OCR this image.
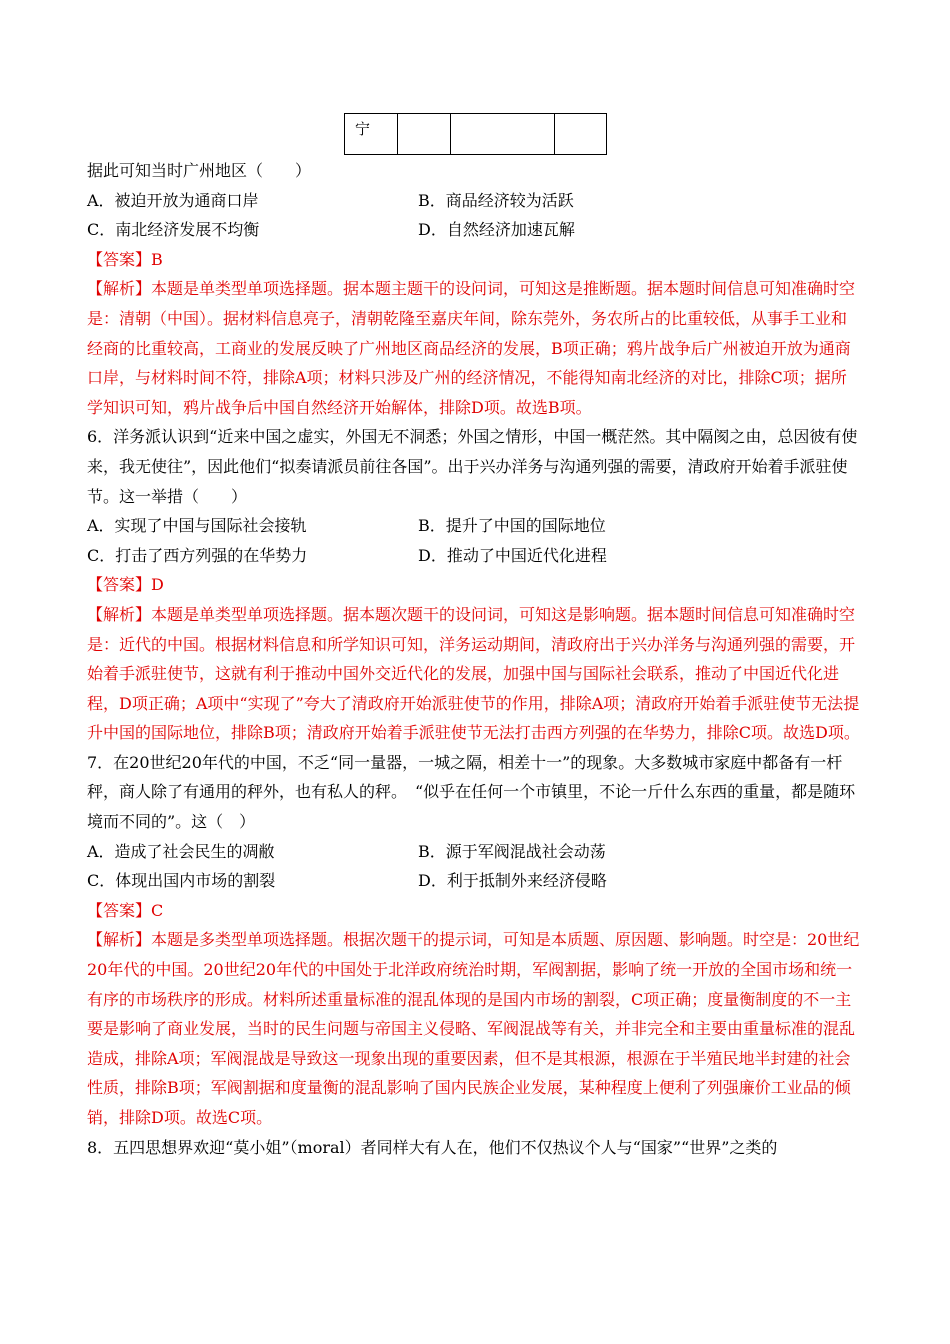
宁			

据此可知当时广州地区（　　）

A．被迫开放为通商口岸	B．商品经济较为活跃
C．南北经济发展不均衡	D．自然经济加速瓦解

【答案】B

【解析】本题是单类型单项选择题。据本题主题干的设问词，可知这是推断题。据本题时间信息可知准确时空是：清朝（中国）。据材料信息亮子，清朝乾隆至嘉庆年间，除东莞外，务农所占的比重较低，从事手工业和经商的比重较高，工商业的发展反映了广州地区商品经济的发展，B项正确；鸦片战争后广州被迫开放为通商口岸，与材料时间不符，排除A项；材料只涉及广州的经济情况，不能得知南北经济的对比，排除C项；据所学知识可知，鸦片战争后中国自然经济开始解体，排除D项。故选B项。

6．洋务派认识到“近来中国之虚实，外国无不洞悉；外国之情形，中国一概茫然。其中隔阂之由，总因彼有使来，我无使往”，因此他们“拟奏请派员前往各国”。出于兴办洋务与沟通列强的需要，清政府开始着手派驻使节。这一举措（　　）

A．实现了中国与国际社会接轨	B．提升了中国的国际地位
C．打击了西方列强的在华势力	D．推动了中国近代化进程

【答案】D

【解析】本题是单类型单项选择题。据本题次题干的设问词，可知这是影响题。据本题时间信息可知准确时空是：近代的中国。根据材料信息和所学知识可知，洋务运动期间，清政府出于兴办洋务与沟通列强的需要，开始着手派驻使节，这就有利于推动中国外交近代化的发展，加强中国与国际社会联系，推动了中国近代化进程，D项正确；A项中“实现了”夸大了清政府开始派驻使节的作用，排除A项；清政府开始着手派驻使节无法提升中国的国际地位，排除B项；清政府开始着手派驻使节无法打击西方列强的在华势力，排除C项。故选D项。

7．在20世纪20年代的中国，不乏“同一量器，一城之隔，相差十一”的现象。大多数城市家庭中都备有一杆秤，商人除了有通用的秤外，也有私人的秤。　“似乎在任何一个市镇里，不论一斤什么东西的重量，都是随环境而不同的”。这（　）

A．造成了社会民生的凋敝	B．源于军阀混战社会动荡
C．体现出国内市场的割裂	D．利于抵制外来经济侵略

【答案】C

【解析】本题是多类型单项选择题。根据次题干的提示词，可知是本质题、原因题、影响题。时空是：20世纪20年代的中国。20世纪20年代的中国处于北洋政府统治时期，军阀割据，影响了统一开放的全国市场和统一有序的市场秩序的形成。材料所述重量标准的混乱体现的是国内市场的割裂，C项正确；度量衡制度的不一主要是影响了商业发展，当时的民生问题与帝国主义侵略、军阀混战等有关，并非完全和主要由重量标准的混乱造成，排除A项；军阀混战是导致这一现象出现的重要因素，但不是其根源，根源在于半殖民地半封建的社会性质，排除B项；军阀割据和度量衡的混乱影响了国内民族企业发展，某种程度上便利了列强廉价工业品的倾销，排除D项。故选C项。

8．五四思想界欢迎“莫小姐”（moral）者同样大有人在，他们不仅热议个人与“国家”“世界”之类的
